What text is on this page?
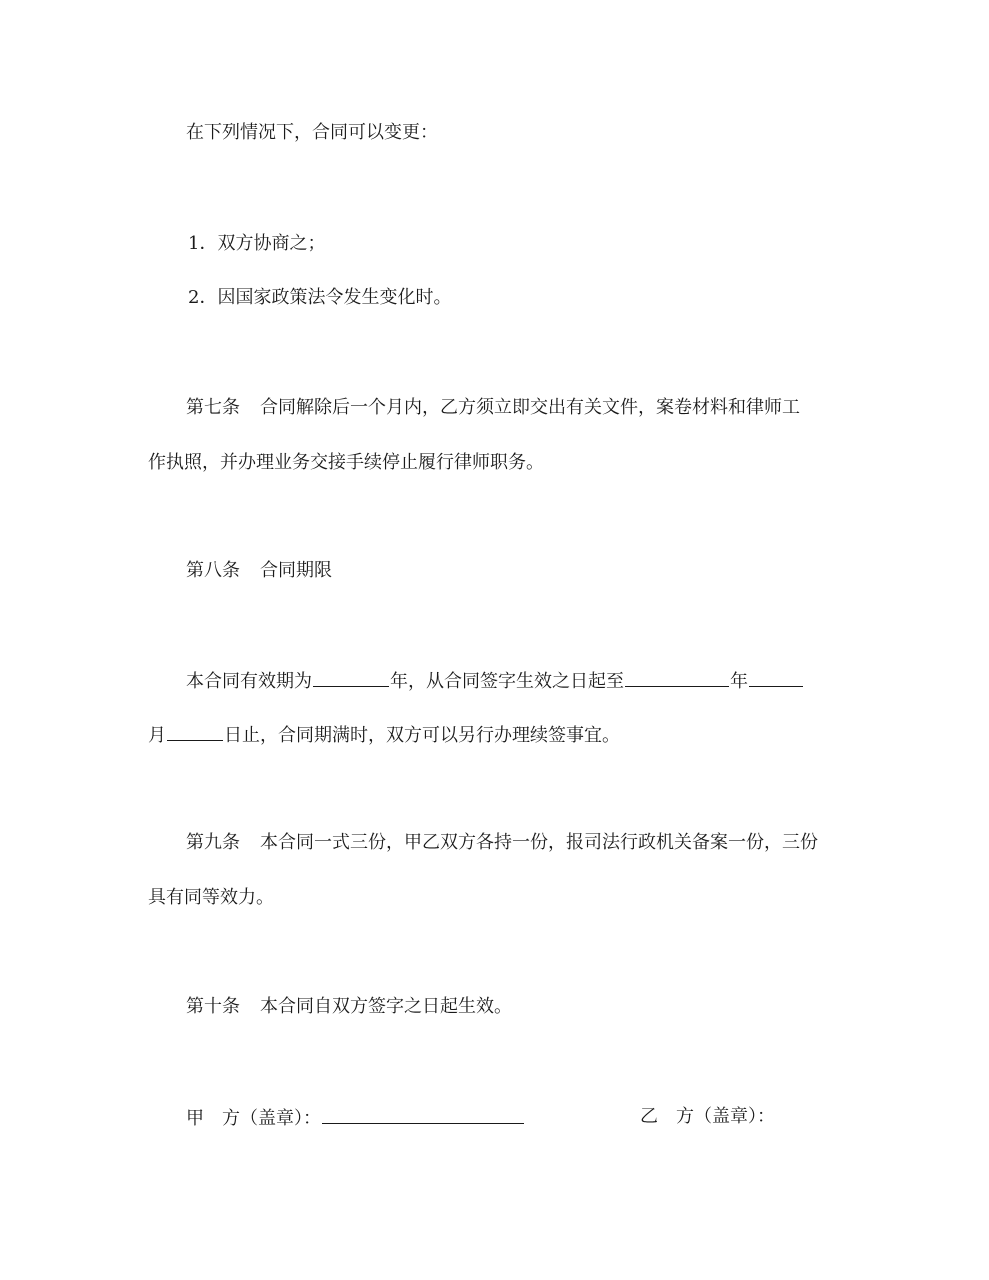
在下列情况下，合同可以变更：
1．双方协商之；
2．因国家政策法令发生变化时。
第七条 合同解除后一个月内，乙方须立即交出有关文件，案卷材料和律师工
作执照，并办理业务交接手续停止履行律师职务。
第八条 合同期限
本合同有效期为	年，从合同签字生效之日起至	年
月	日止，合同期满时，双方可以另行办理续签事宜。
第九条 本合同一式三份，甲乙双方各持一份，报司法行政机关备案一份，三份
具有同等效力。
第十条 本合同自双方签字之日起生效。
甲　方（盖章）：	乙　方（盖章）：
